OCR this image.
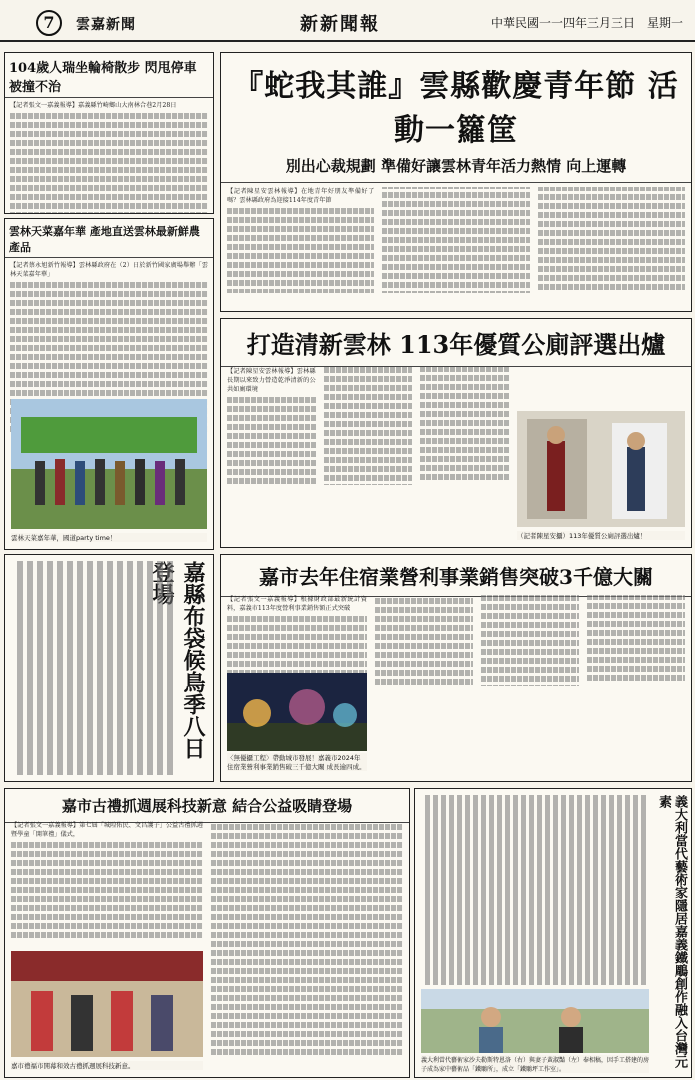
7	雲嘉新聞	新新聞報	中華民國一一四年三月三日　星期一
104歲人瑞坐輪椅散步 閃甩停車被撞不治
【記者張文一嘉義報導】嘉義縣竹崎鄉山大南林合巷2月28日
雲林天菜嘉年華 產地直送雲林最新鮮農產品
【記者蔡永旭新竹報導】雲林縣政府在（2）日於新竹國家廣場舉辦「雲林天菜嘉年華」
雲林天菜嘉年華，國道party time！
『蛇我其誰』雲縣歡慶青年節 活動一籮筐
別出心裁規劃 準備好讓雲林青年活力熱情 向上運轉
【記者陳星安雲林報導】在地青年好朋友準備好了嗎？雲林縣政府為迎接114年度青年節
打造清新雲林 113年優質公廁評選出爐
【記者陳星安雲林報導】雲林縣長期以來致力營造乾淨清新的公共如廁環境
（記者陳星安攝）113年優質公廁評選出爐！
嘉縣布袋候鳥季八日
嘉市去年住宿業營利事業銷售突破3千億大關
【記者張文一嘉義報導】根據財政部最新統計資料，嘉義市113年度營利事業銷售額正式突破
〈無優攝工程〉帶動城市發展！嘉義市2024年住宿業營利事業銷售破三千億大關 成長逾四成。
嘉市古禮抓週展科技新意 結合公益吸睛登場
【記者張文一嘉義報導】第七屆「城隍佑民、文昌護子」公益古禮抓週暨學童「開筆禮」儀式，
嘉市禮福市開幕和效古禮抓週展科技新意。	義大利當代藝術家隱居嘉義鐵鵰創作融入台灣元素
義大利當代藝術家沙夫勒斯特恩洛（右）與妻子黃淑豔（左）奉相稿，因手工搭建的房子成為家中藝術品「鐵鵰所」，成立「鐵鵰坪工作室」。
